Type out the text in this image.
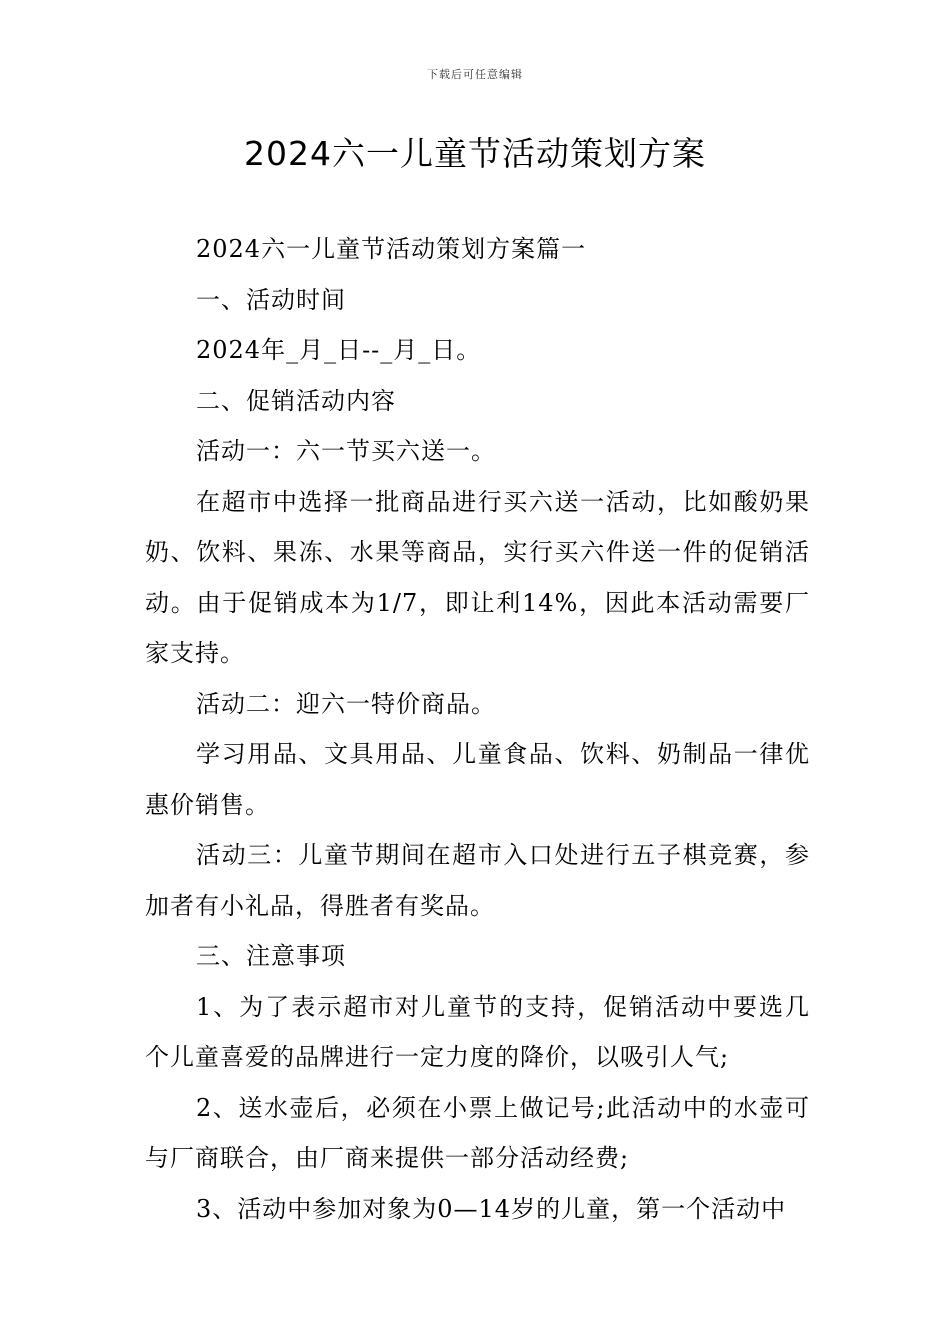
下载后可任意编辑
2024六一儿童节活动策划方案

2024六一儿童节活动策划方案篇一

一、活动时间

2024年_月_日--_月_日。

二、促销活动内容

活动一：六一节买六送一。

在超市中选择一批商品进行买六送一活动，比如酸奶果奶、饮料、果冻、水果等商品，实行买六件送一件的促销活动。由于促销成本为1/7，即让利14%，因此本活动需要厂家支持。

活动二：迎六一特价商品。

学习用品、文具用品、儿童食品、饮料、奶制品一律优惠价销售。

活动三：儿童节期间在超市入口处进行五子棋竞赛，参加者有小礼品，得胜者有奖品。

三、注意事项

1、为了表示超市对儿童节的支持，促销活动中要选几个儿童喜爱的品牌进行一定力度的降价，以吸引人气;

2、送水壶后，必须在小票上做记号;此活动中的水壶可与厂商联合，由厂商来提供一部分活动经费;

3、活动中参加对象为0—14岁的儿童，第一个活动中
